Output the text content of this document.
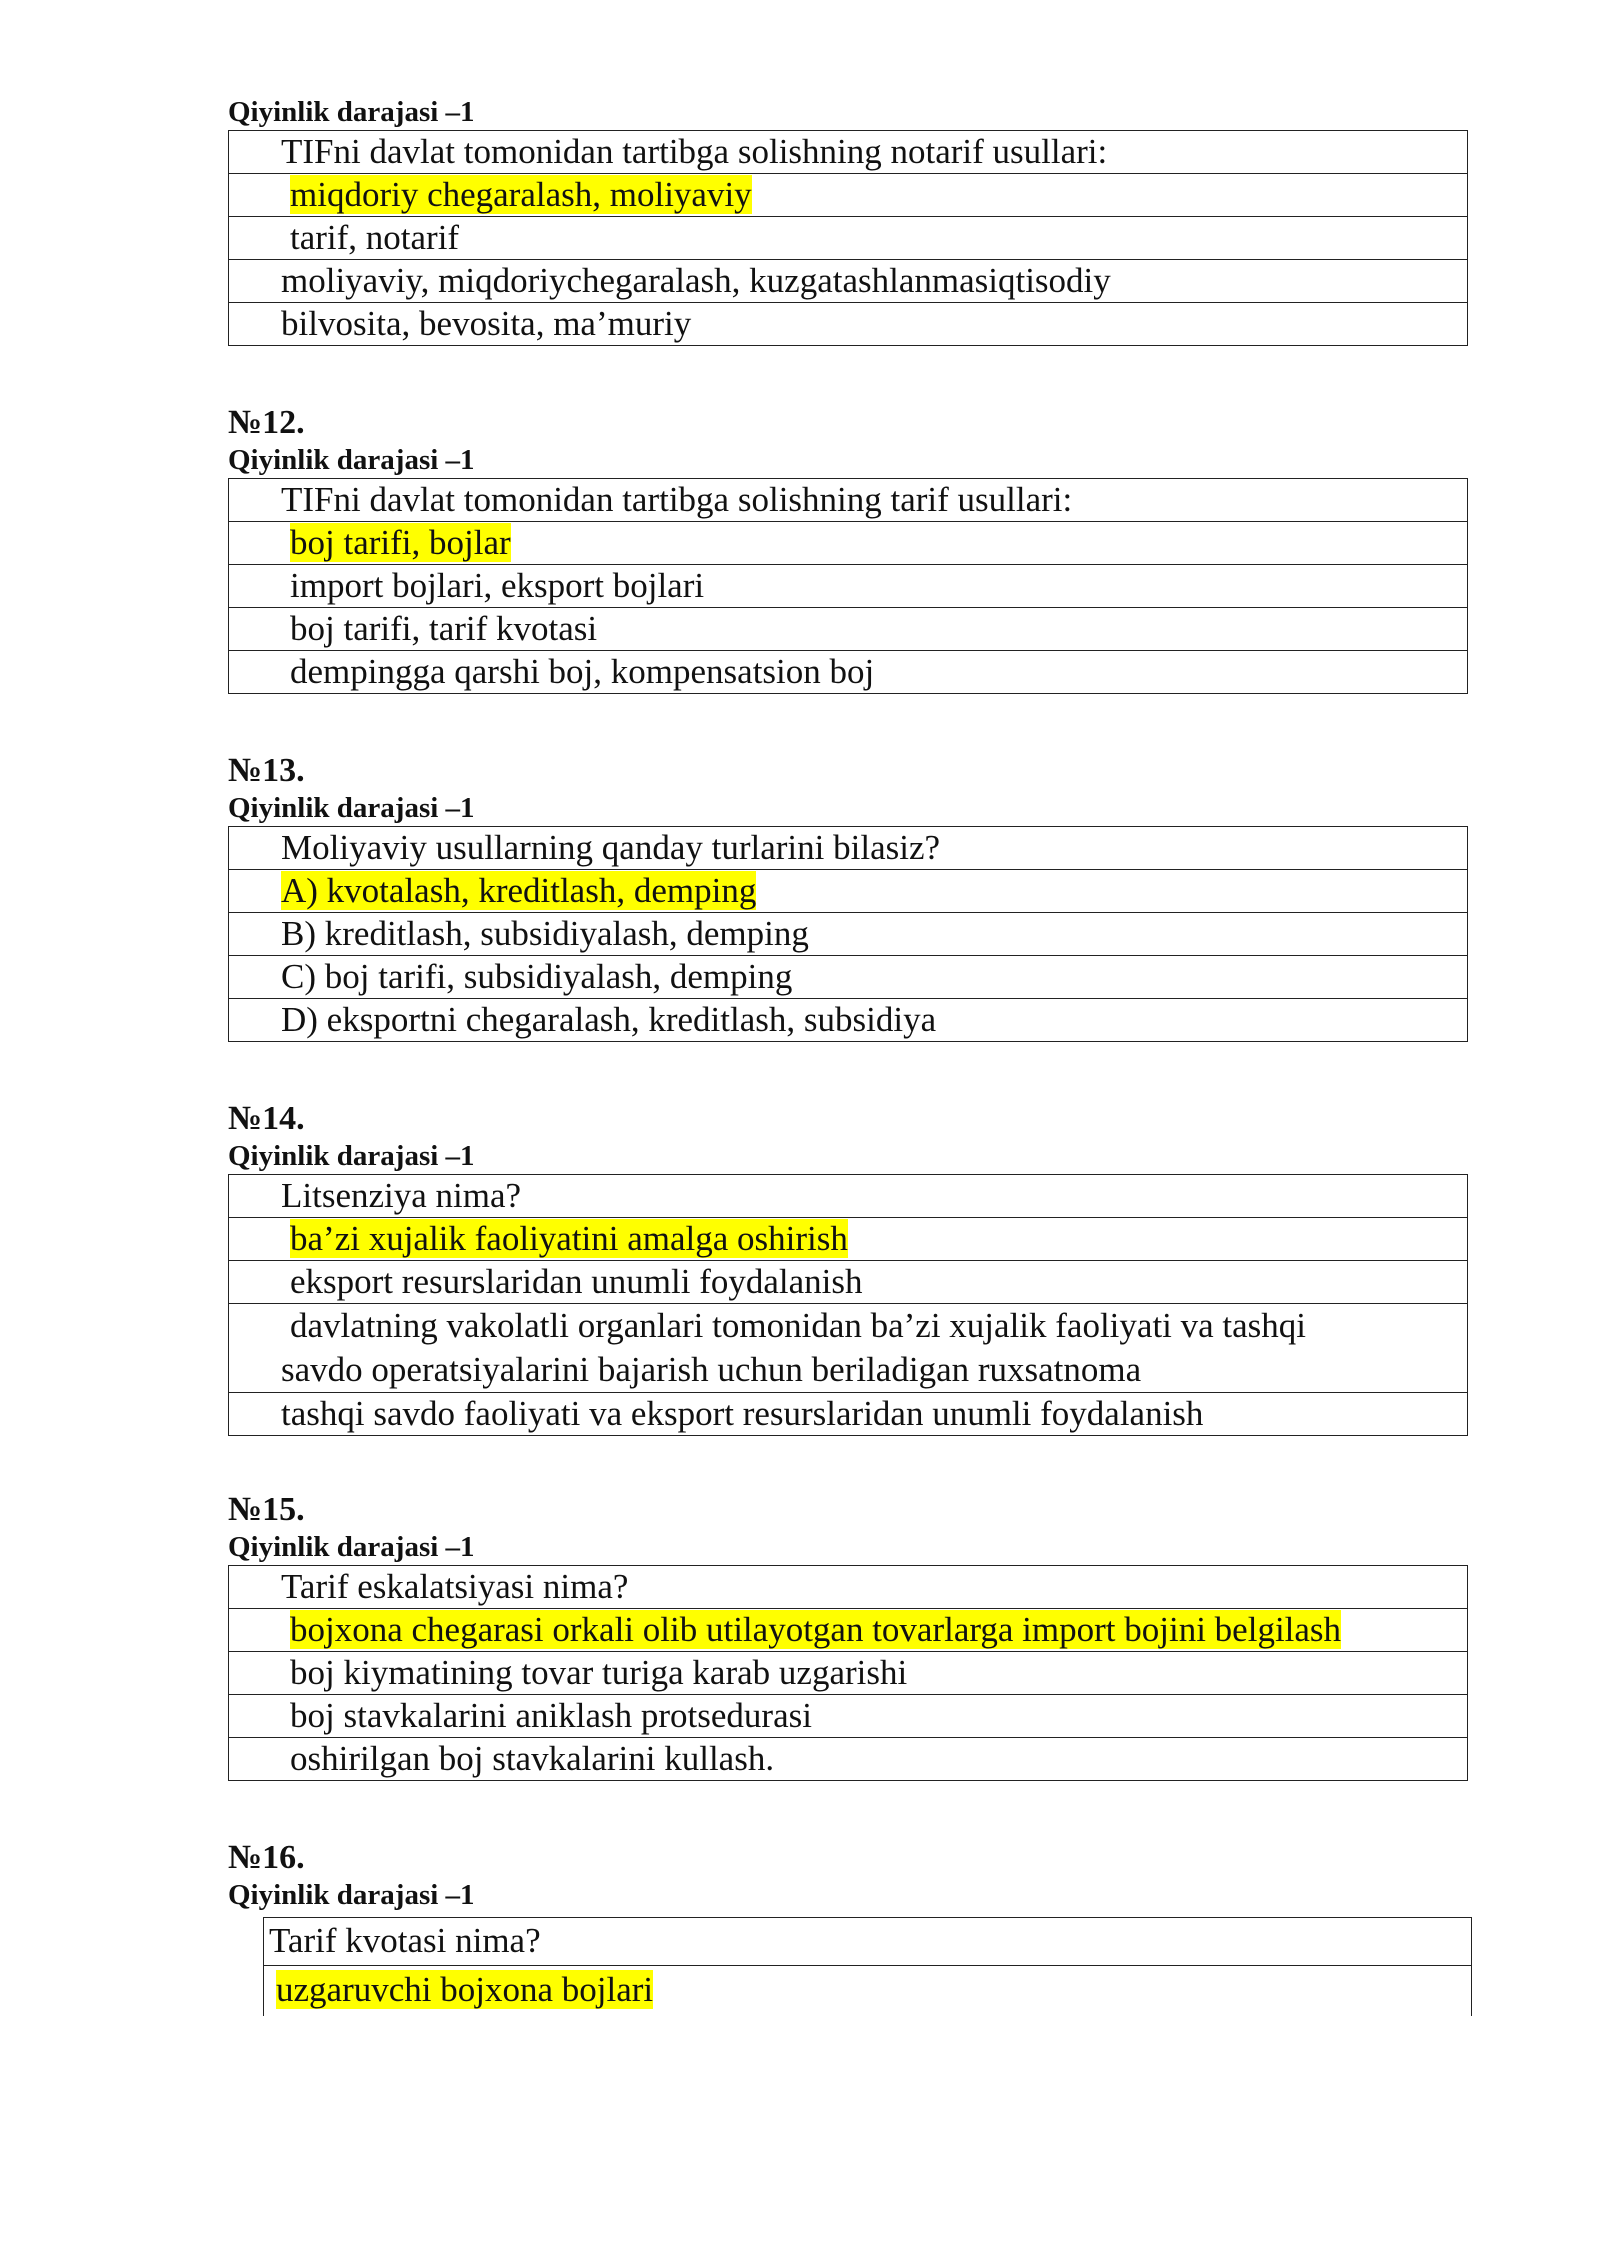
Qiyinlik darajasi –1
TIFni davlat tomonidan tartibga solishning notarif usullari:
miqdoriy chegaralash, moliyaviy
tarif, notarif
moliyaviy, miqdoriychegaralash, kuzgatashlanmasiqtisodiy
bilvosita, bevosita, ma’muriy
№12.
Qiyinlik darajasi –1
TIFni davlat tomonidan tartibga solishning tarif usullari:
boj tarifi, bojlar
import bojlari, eksport bojlari
boj tarifi, tarif kvotasi
dempingga qarshi boj, kompensatsion boj
№13.
Qiyinlik darajasi –1
Moliyaviy usullarning qanday turlarini bilasiz?
A) kvotalash, kreditlash, demping
B) kreditlash, subsidiyalash, demping
C) boj tarifi, subsidiyalash, demping
D) eksportni chegaralash, kreditlash, subsidiya
№14.
Qiyinlik darajasi –1
Litsenziya nima?
ba’zi xujalik faoliyatini amalga oshirish
eksport resurslaridan unumli foydalanish

davlatning vakolatli organlari tomonidan ba’zi xujalik faoliyati va tashqi
savdo operatsiyalarini bajarish uchun beriladigan ruxsatnoma

tashqi savdo faoliyati va eksport resurslaridan unumli foydalanish
№15.
Qiyinlik darajasi –1
Tarif eskalatsiyasi nima?
bojxona chegarasi orkali olib utilayotgan tovarlarga import bojini belgilash
boj kiymatining tovar turiga karab uzgarishi
boj stavkalarini aniklash protsedurasi
oshirilgan boj stavkalarini kullash.
№16.
Qiyinlik darajasi –1
Tarif kvotasi nima?
uzgaruvchi bojxona bojlari
